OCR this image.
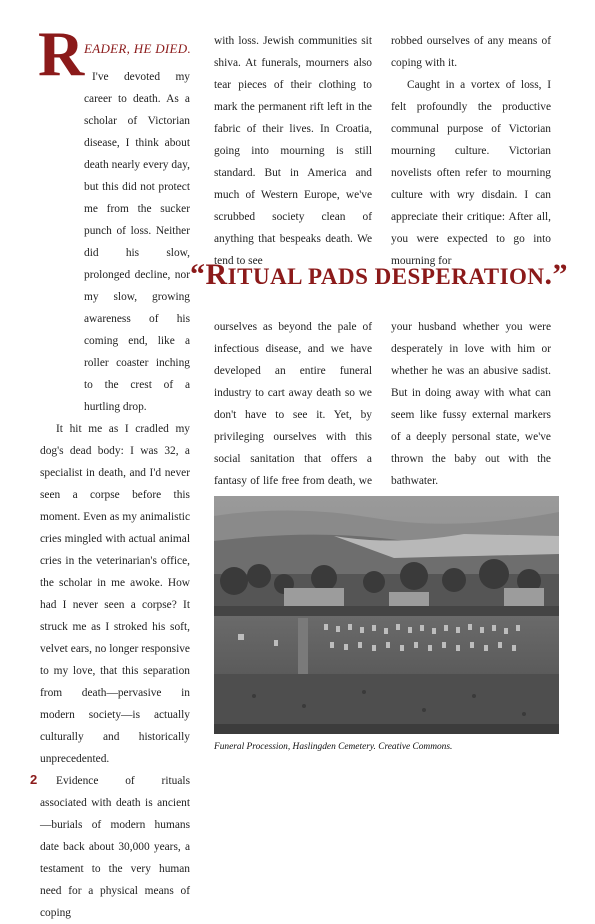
R EADER, HE DIED.

I've devoted my career to death. As a scholar of Victorian disease, I think about death nearly every day, but this did not protect me from the sucker punch of loss. Neither did his slow, prolonged decline, nor my slow, growing awareness of his coming end, like a roller coaster inching to the crest of a hurtling drop.

It hit me as I cradled my dog's dead body: I was 32, a specialist in death, and I'd never seen a corpse before this moment. Even as my animalistic cries mingled with actual animal cries in the veterinarian's office, the scholar in me awoke. How had I never seen a corpse? It struck me as I stroked his soft, velvet ears, no longer responsive to my love, that this separation from death—pervasive in modern society—is actually culturally and historically unprecedented.

Evidence of rituals associated with death is ancient—burials of modern humans date back about 30,000 years, a testament to the very human need for a physical means of coping

with loss. Jewish communities sit shiva. At funerals, mourners also tear pieces of their clothing to mark the permanent rift left in the fabric of their lives. In Croatia, going into mourning is still standard. But in America and much of Western Europe, we've scrubbed society clean of anything that bespeaks death. We tend to see

robbed ourselves of any means of coping with it.

Caught in a vortex of loss, I felt profoundly the productive communal purpose of Victorian mourning culture. Victorian novelists often refer to mourning culture with wry disdain. I can appreciate their critique: After all, you were expected to go into mourning for

“RITUAL PADS DESPERATION.”

ourselves as beyond the pale of infectious disease, and we have developed an entire funeral industry to cart away death so we don't have to see it. Yet, by privileging ourselves with this social sanitation that offers a fantasy of life free from death, we

your husband whether you were desperately in love with him or whether he was an abusive sadist. But in doing away with what can seem like fussy external markers of a deeply personal state, we've thrown the baby out with the bathwater.

Funeral Procession, Haslingden Cemetery. Creative Commons.
2
